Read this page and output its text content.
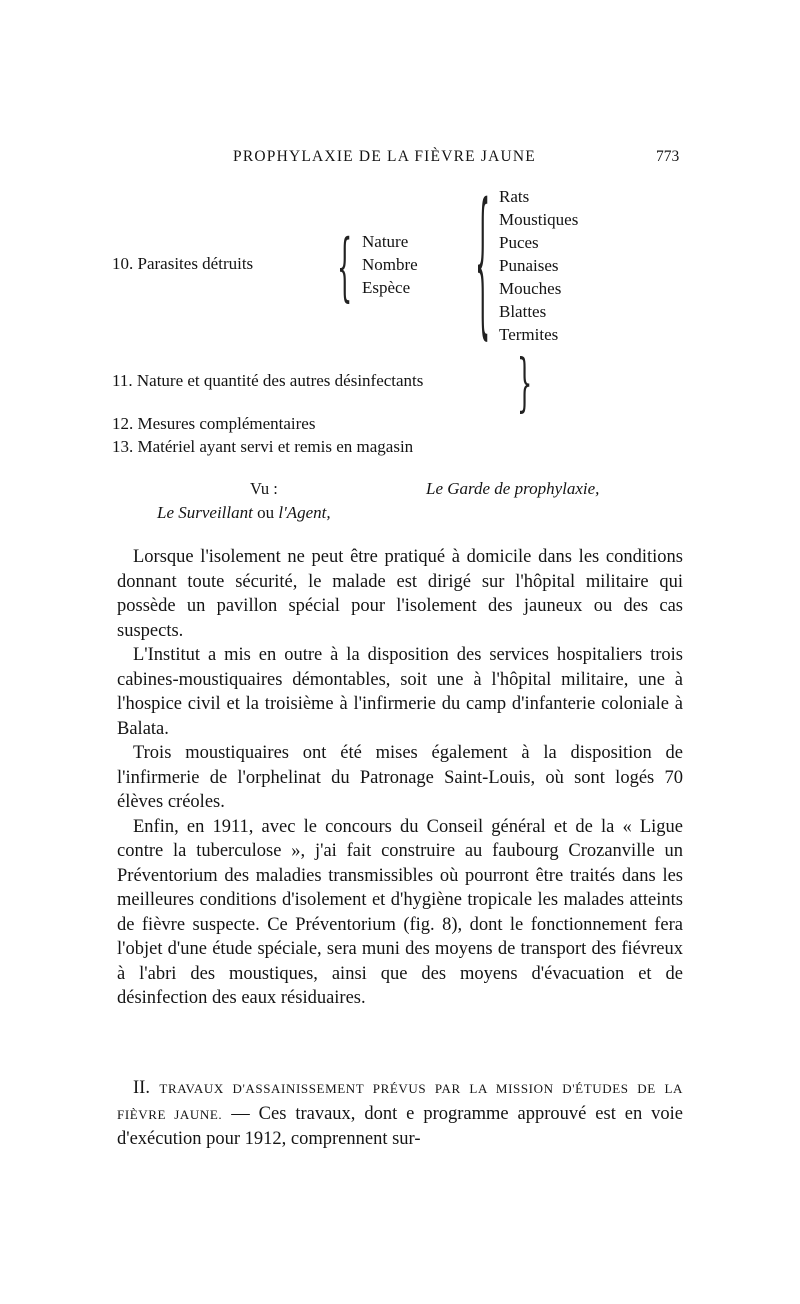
PROPHYLAXIE DE LA FIÈVRE JAUNE	773
10. Parasites détruits	{ Nature
Nombre
Espèce	{ Rats
Moustiques
Puces
Punaises
Mouches
Blattes
Termites
11. Nature et quantité des autres désinfectants	}
12. Mesures complémentaires
13. Matériel ayant servi et remis en magasin
Vu :	Le Garde de prophylaxie,
Le Surveillant ou l'Agent,

Lorsque l'isolement ne peut être pratiqué à domicile dans les conditions donnant toute sécurité, le malade est dirigé sur l'hôpital militaire qui possède un pavillon spécial pour l'isolement des jauneux ou des cas suspects.

L'Institut a mis en outre à la disposition des services hospitaliers trois cabines-moustiquaires démontables, soit une à l'hôpital militaire, une à l'hospice civil et la troisième à l'infirmerie du camp d'infanterie coloniale à Balata.

Trois moustiquaires ont été mises également à la disposition de l'infirmerie de l'orphelinat du Patronage Saint-Louis, où sont logés 70 élèves créoles.

Enfin, en 1911, avec le concours du Conseil général et de la « Ligue contre la tuberculose », j'ai fait construire au faubourg Crozanville un Préventorium des maladies transmissibles où pourront être traités dans les meilleures conditions d'isolement et d'hygiène tropicale les malades atteints de fièvre suspecte. Ce Préventorium (fig. 8), dont le fonctionnement fera l'objet d'une étude spéciale, sera muni des moyens de transport des fiévreux à l'abri des moustiques, ainsi que des moyens d'évacuation et de désinfection des eaux résiduaires.

II. TRAVAUX D'ASSAINISSEMENT PRÉVUS PAR LA MISSION D'ÉTUDES DE LA FIÈVRE JAUNE. — Ces travaux, dont e programme approuvé est en voie d'exécution pour 1912, comprennent sur-
